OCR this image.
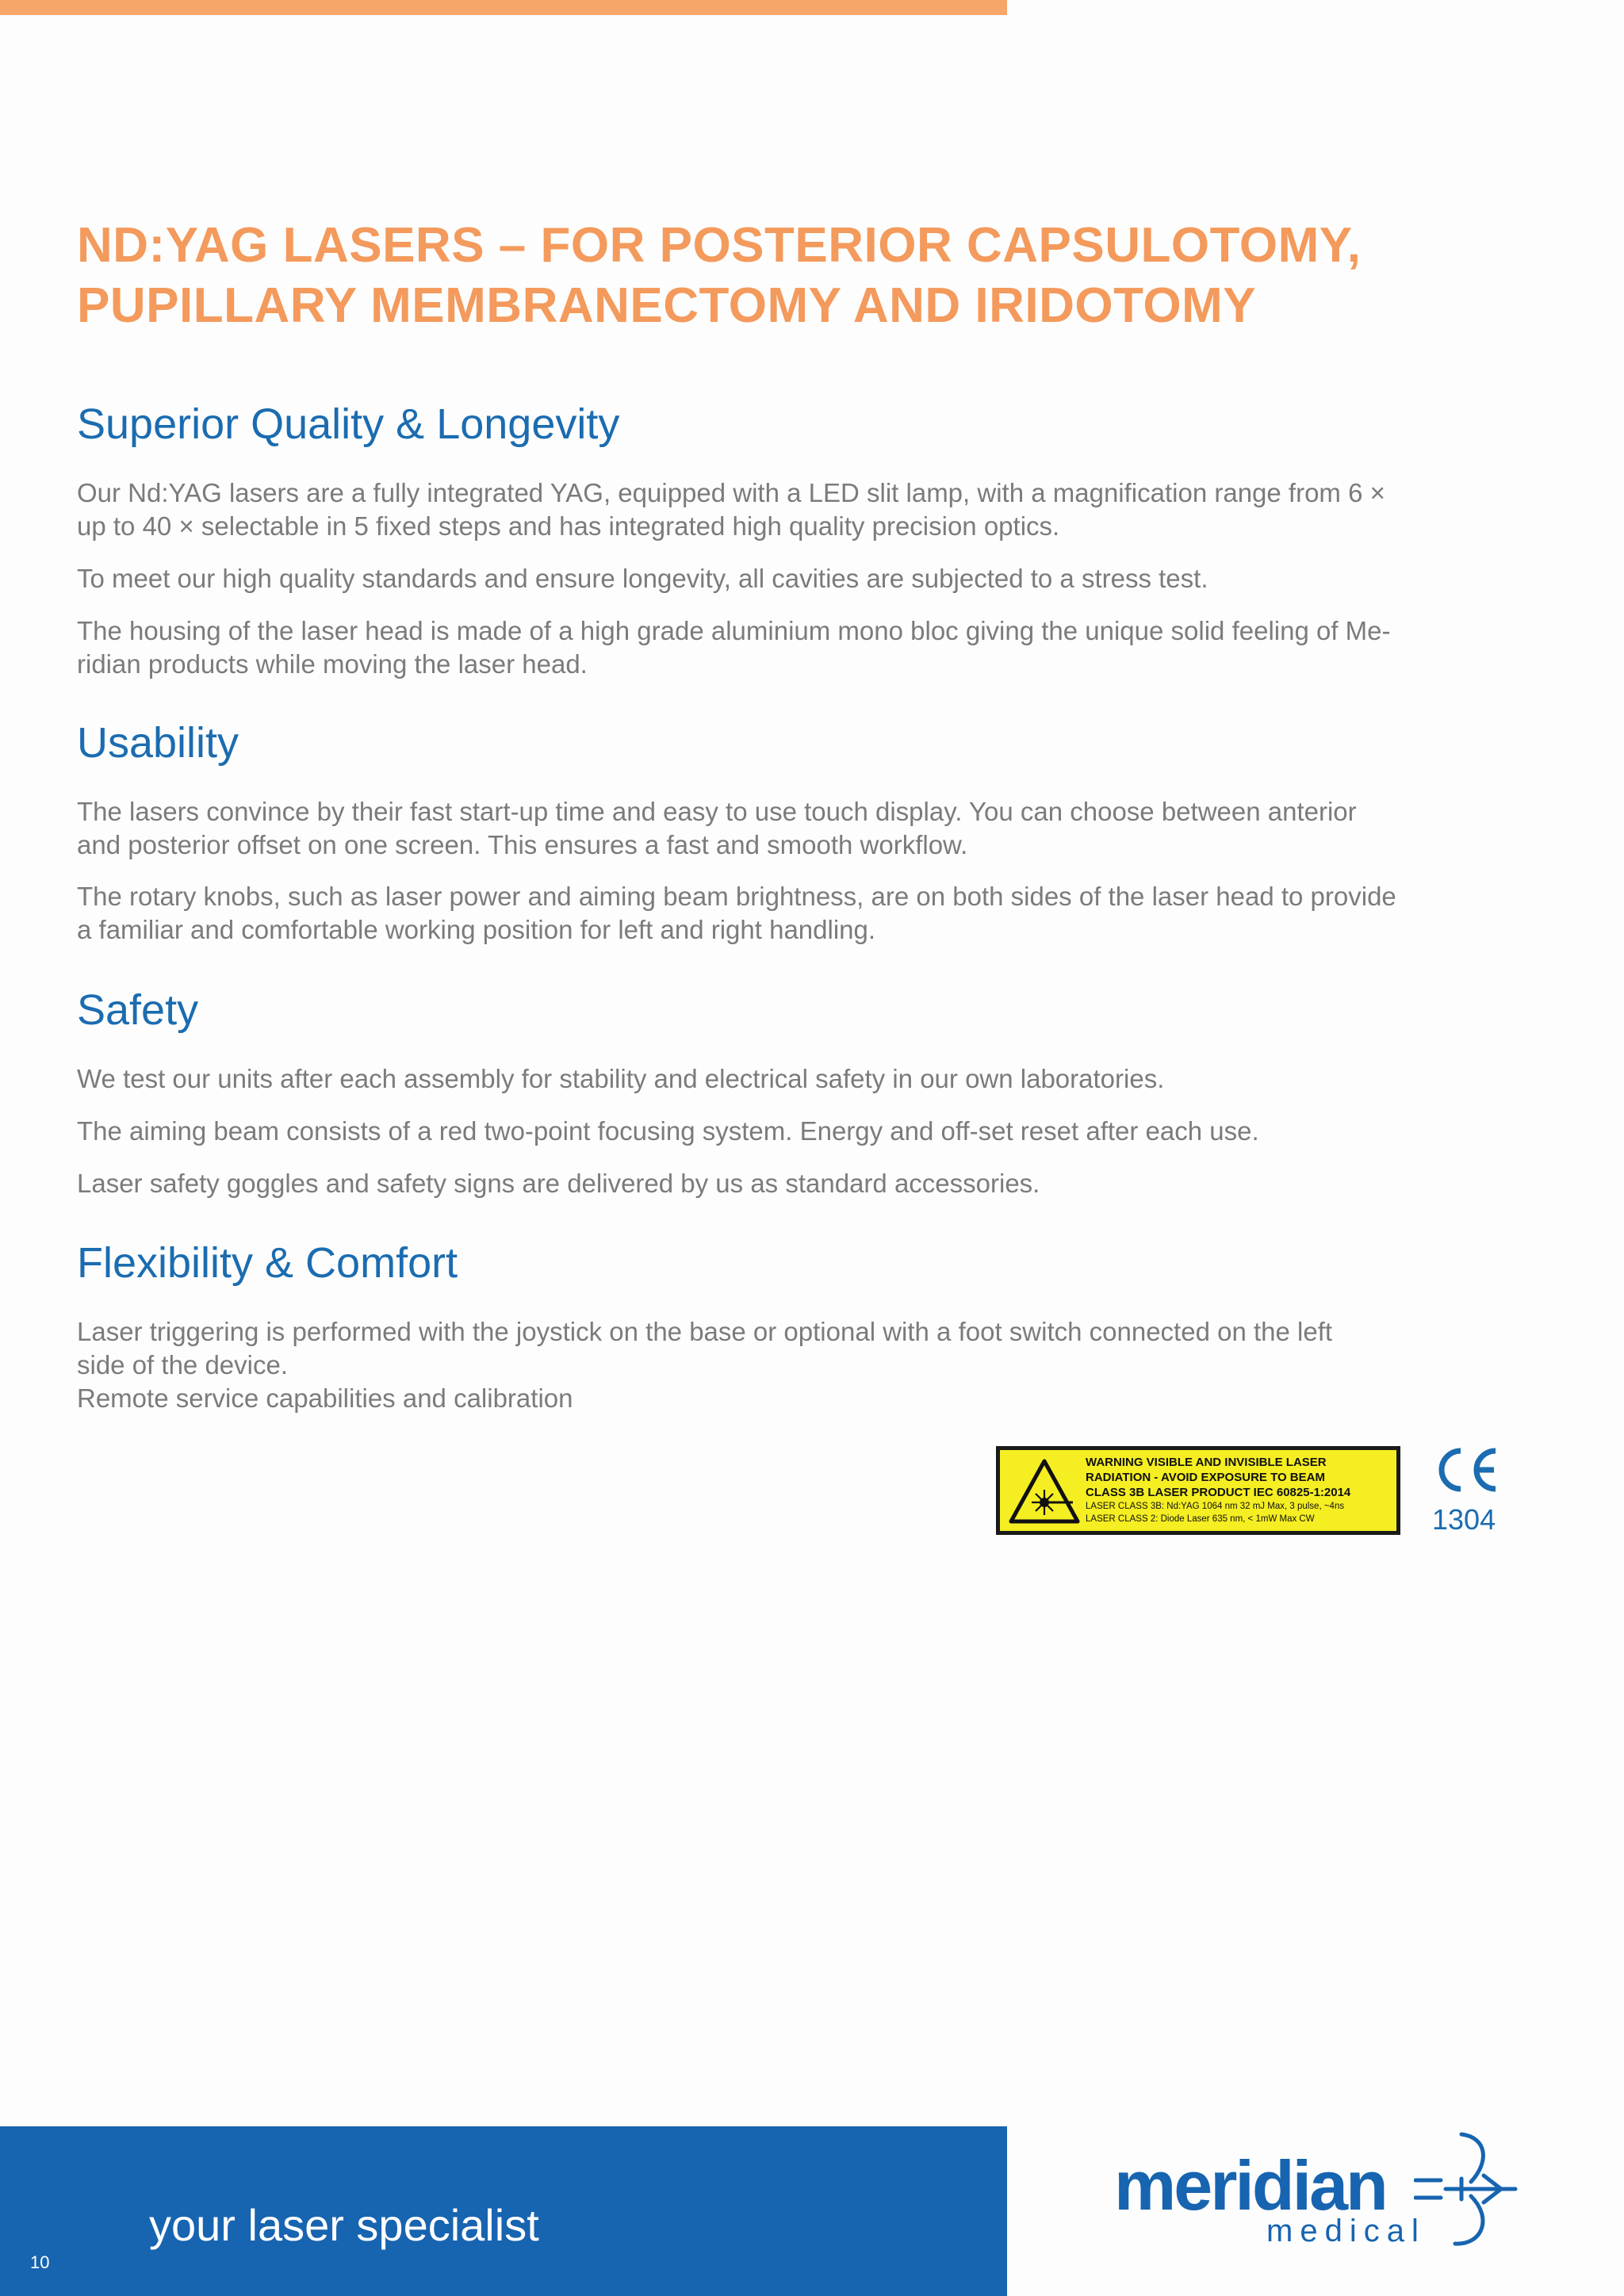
ND:YAG LASERS – FOR POSTERIOR CAPSULOTOMY,
PUPILLARY MEMBRANECTOMY AND IRIDOTOMY
Superior Quality & Longevity

Our Nd:YAG lasers are a fully integrated YAG, equipped with a LED slit lamp, with a magnification range from 6 ×
up to 40 × selectable in 5 fixed steps and has integrated high quality precision optics.

To meet our high quality standards and ensure longevity, all cavities are subjected to a stress test.

The housing of the laser head is made of a high grade aluminium mono bloc giving the unique solid feeling of Me-
ridian products while moving the laser head.

Usability

The lasers convince by their fast start-up time and easy to use touch display. You can choose between anterior
and posterior offset on one screen. This ensures a fast and smooth workflow.

The rotary knobs, such as laser power and aiming beam brightness, are on both sides of the laser head to provide
a familiar and comfortable working position for left and right handling.

Safety

We test our units after each assembly for stability and electrical safety in our own laboratories.

The aiming beam consists of a red two-point focusing system. Energy and off-set reset after each use.

Laser safety goggles and safety signs are delivered by us as standard accessories.

Flexibility & Comfort

Laser triggering is performed with the joystick on the base or optional with a foot switch connected on the left
side of the device.
Remote service capabilities and calibration

WARNING VISIBLE AND INVISIBLE LASER
RADIATION - AVOID EXPOSURE TO BEAM
CLASS 3B LASER PRODUCT IEC 60825-1:2014
LASER CLASS 3B: Nd:YAG 1064 nm 32 mJ Max, 3 pulse, ~4ns
LASER CLASS 2: Diode Laser 635 nm, < 1mW Max CW	1304
your laser specialist
10
meridian
medical
